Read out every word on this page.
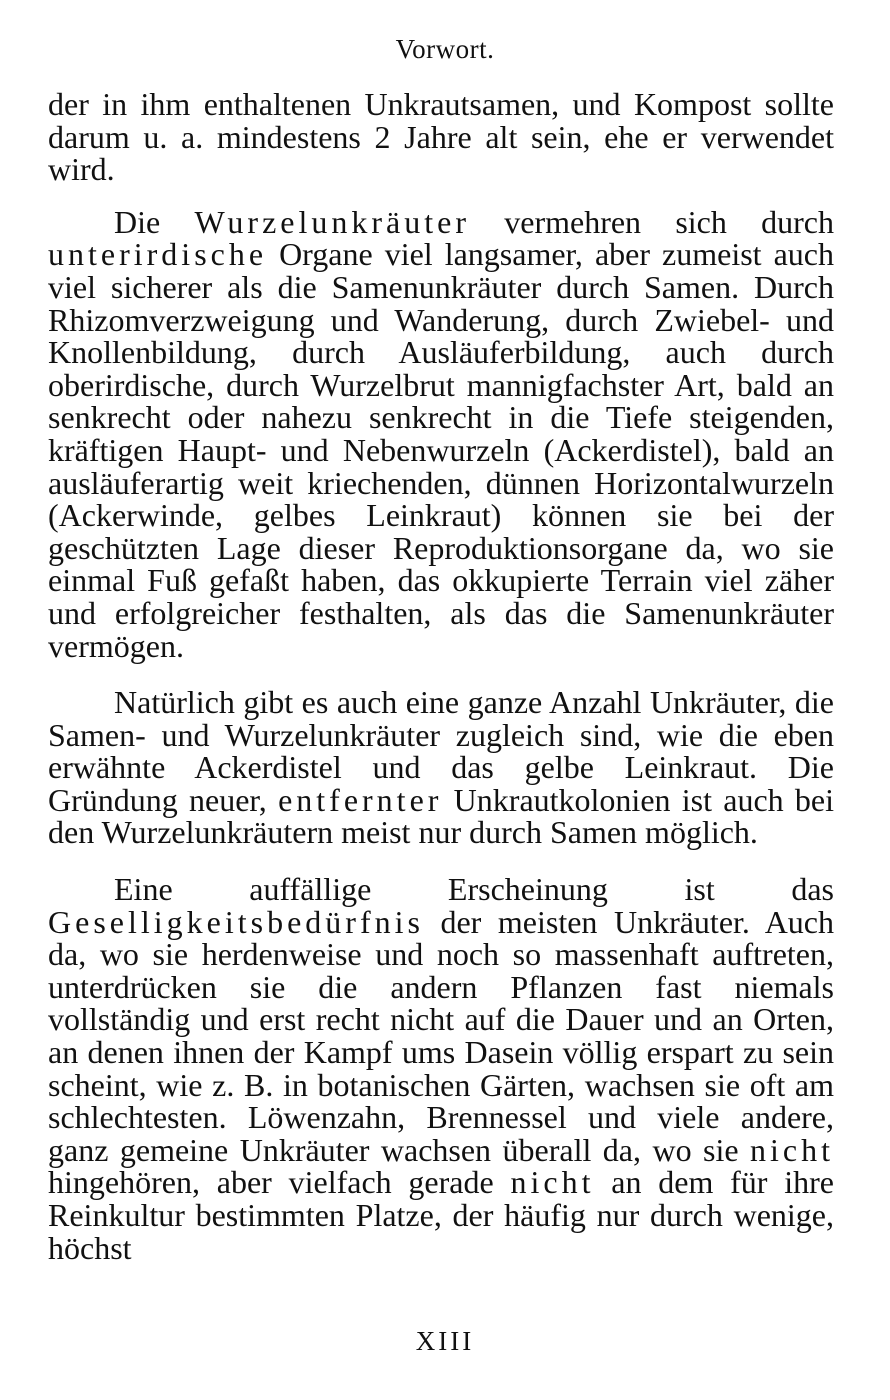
Vorwort.

der in ihm enthaltenen Unkrautsamen, und Kompost sollte darum u. a. mindestens 2 Jahre alt sein, ehe er verwendet wird.

Die Wurzelunkräuter vermehren sich durch unterirdische Organe viel langsamer, aber zumeist auch viel sicherer als die Samenunkräuter durch Samen. Durch Rhizomverzweigung und Wanderung, durch Zwiebel- und Knollenbildung, durch Ausläuferbildung, auch durch oberirdische, durch Wurzelbrut mannigfachster Art, bald an senkrecht oder nahezu senkrecht in die Tiefe steigenden, kräftigen Haupt- und Nebenwurzeln (Ackerdistel), bald an ausläuferartig weit kriechenden, dünnen Horizontalwurzeln (Ackerwinde, gelbes Leinkraut) können sie bei der geschützten Lage dieser Reproduktionsorgane da, wo sie einmal Fuß gefaßt haben, das okkupierte Terrain viel zäher und erfolgreicher festhalten, als das die Samenunkräuter vermögen.

Natürlich gibt es auch eine ganze Anzahl Unkräuter, die Samen- und Wurzelunkräuter zugleich sind, wie die eben erwähnte Ackerdistel und das gelbe Leinkraut. Die Gründung neuer, entfernter Unkrautkolonien ist auch bei den Wurzelunkräutern meist nur durch Samen möglich.

Eine auffällige Erscheinung ist das Geselligkeitsbedürfnis der meisten Unkräuter. Auch da, wo sie herdenweise und noch so massenhaft auftreten, unterdrücken sie die andern Pflanzen fast niemals vollständig und erst recht nicht auf die Dauer und an Orten, an denen ihnen der Kampf ums Dasein völlig erspart zu sein scheint, wie z. B. in botanischen Gärten, wachsen sie oft am schlechtesten. Löwenzahn, Brennessel und viele andere, ganz gemeine Unkräuter wachsen überall da, wo sie nicht hingehören, aber vielfach gerade nicht an dem für ihre Reinkultur bestimmten Platze, der häufig nur durch wenige, höchst

XIII
